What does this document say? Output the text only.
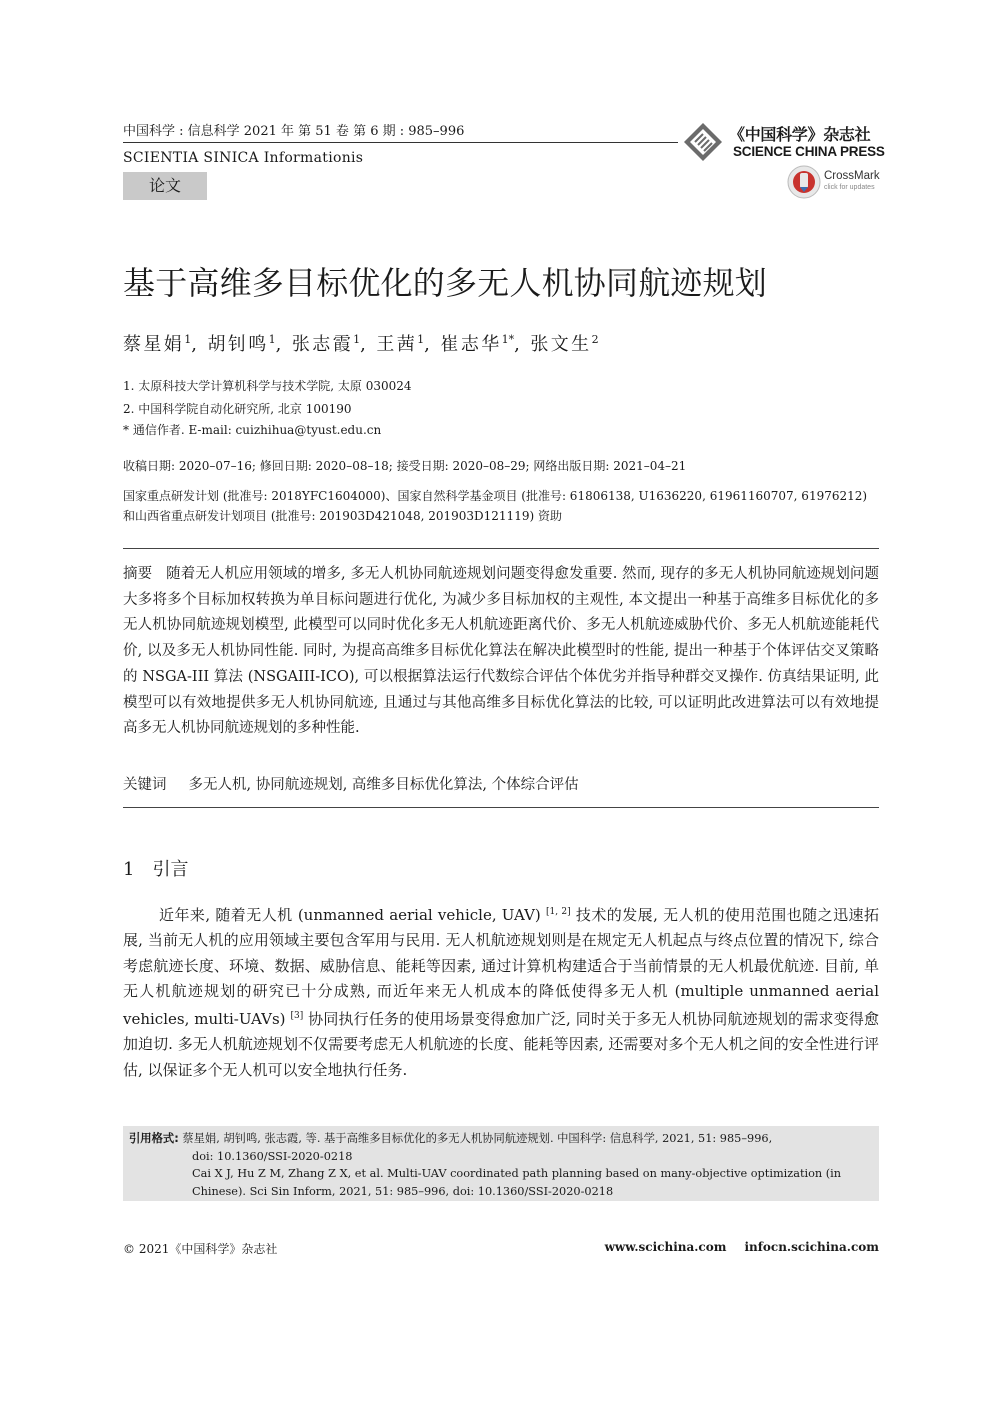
中国科学 : 信息科学 2021 年 第 51 卷 第 6 期 : 985–996
SCIENTIA SINICA Informationis
论文
《中国科学》杂志社
SCIENCE CHINA PRESS
CrossMark
click for updates
基于高维多目标优化的多无人机协同航迹规划
蔡星娟$^1$, 胡钊鸣$^1$, 张志霞$^1$, 王茜$^1$, 崔志华$^{1*}$, 张文生$^2$
1. 太原科技大学计算机科学与技术学院, 太原 030024
2. 中国科学院自动化研究所, 北京 100190
* 通信作者. E-mail: cuizhihua@tyust.edu.cn
收稿日期: 2020–07–16; 修回日期: 2020–08–18; 接受日期: 2020–08–29; 网络出版日期: 2021–04–21
国家重点研发计划 (批准号: 2018YFC1604000)、国家自然科学基金项目 (批准号: 61806138, U1636220, 61961160707, 61976212)
和山西省重点研发计划项目 (批准号: 201903D421048, 201903D121119) 资助
摘要 随着无人机应用领域的增多, 多无人机协同航迹规划问题变得愈发重要. 然而, 现存的多无人机协同航迹规划问题大多将多个目标加权转换为单目标问题进行优化, 为减少多目标加权的主观性, 本文提出一种基于高维多目标优化的多无人机协同航迹规划模型, 此模型可以同时优化多无人机航迹距离代价、多无人机航迹威胁代价、多无人机航迹能耗代价, 以及多无人机协同性能. 同时, 为提高高维多目标优化算法在解决此模型时的性能, 提出一种基于个体评估交叉策略的 NSGA-III 算法 (NSGAIII-ICO), 可以根据算法运行代数综合评估个体优劣并指导种群交叉操作. 仿真结果证明, 此模型可以有效地提供多无人机协同航迹, 且通过与其他高维多目标优化算法的比较, 可以证明此改进算法可以有效地提高多无人机协同航迹规划的多种性能.
关键词 多无人机, 协同航迹规划, 高维多目标优化算法, 个体综合评估
1 引言
近年来, 随着无人机 (unmanned aerial vehicle, UAV) [1, 2] 技术的发展, 无人机的使用范围也随之迅速拓展, 当前无人机的应用领域主要包含军用与民用. 无人机航迹规划则是在规定无人机起点与终点位置的情况下, 综合考虑航迹长度、环境、数据、威胁信息、能耗等因素, 通过计算机构建适合于当前情景的无人机最优航迹. 目前, 单无人机航迹规划的研究已十分成熟, 而近年来无人机成本的降低使得多无人机 (multiple unmanned aerial vehicles, multi-UAVs) [3] 协同执行任务的使用场景变得愈加广泛, 同时关于多无人机协同航迹规划的需求变得愈加迫切. 多无人机航迹规划不仅需要考虑无人机航迹的长度、能耗等因素, 还需要对多个无人机之间的安全性进行评估, 以保证多个无人机可以安全地执行任务.
引用格式: 蔡星娟, 胡钊鸣, 张志霞, 等. 基于高维多目标优化的多无人机协同航迹规划. 中国科学: 信息科学, 2021, 51: 985–996,
doi: 10.1360/SSI-2020-0218
Cai X J, Hu Z M, Zhang Z X, et al. Multi-UAV coordinated path planning based on many-objective optimization (in
Chinese). Sci Sin Inform, 2021, 51: 985–996, doi: 10.1360/SSI-2020-0218
© 2021《中国科学》杂志社	www.scichina.com infocn.scichina.com
